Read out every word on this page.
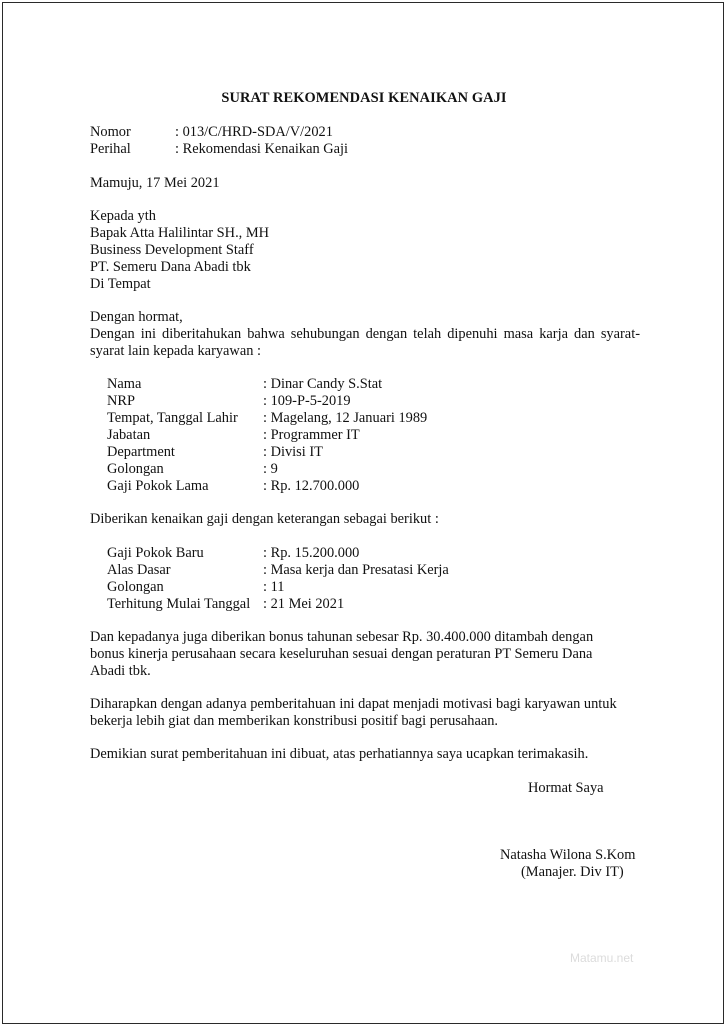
SURAT REKOMENDASI KENAIKAN GAJI
Nomor	: 013/C/HRD-SDA/V/2021
Perihal	: Rekomendasi Kenaikan Gaji
Mamuju, 17 Mei 2021
Kepada yth
Bapak Atta Halilintar SH., MH
Business Development Staff
PT. Semeru Dana Abadi tbk
Di Tempat
Dengan hormat,
Dengan ini diberitahukan bahwa sehubungan dengan telah dipenuhi masa karja dan syarat-
syarat lain kepada karyawan :
Nama	: Dinar Candy S.Stat
NRP	: 109-P-5-2019
Tempat, Tanggal Lahir : Magelang, 12 Januari 1989
Jabatan	: Programmer IT
Department	: Divisi IT
Golongan	: 9
Gaji Pokok Lama	: Rp. 12.700.000
Diberikan kenaikan gaji dengan keterangan sebagai berikut :
Gaji Pokok Baru	: Rp. 15.200.000
Alas Dasar	: Masa kerja dan Presatasi Kerja
Golongan	: 11
Terhitung Mulai Tanggal : 21 Mei 2021
Dan kepadanya juga diberikan bonus tahunan sebesar Rp. 30.400.000 ditambah dengan
bonus kinerja perusahaan secara keseluruhan sesuai dengan peraturan PT Semeru Dana
Abadi tbk.
Diharapkan dengan adanya pemberitahuan ini dapat menjadi motivasi bagi karyawan untuk
bekerja lebih giat dan memberikan konstribusi positif bagi perusahaan.
Demikian surat pemberitahuan ini dibuat, atas perhatiannya saya ucapkan terimakasih.
Hormat Saya
Natasha Wilona S.Kom
(Manajer. Div IT)
Matamu.net
